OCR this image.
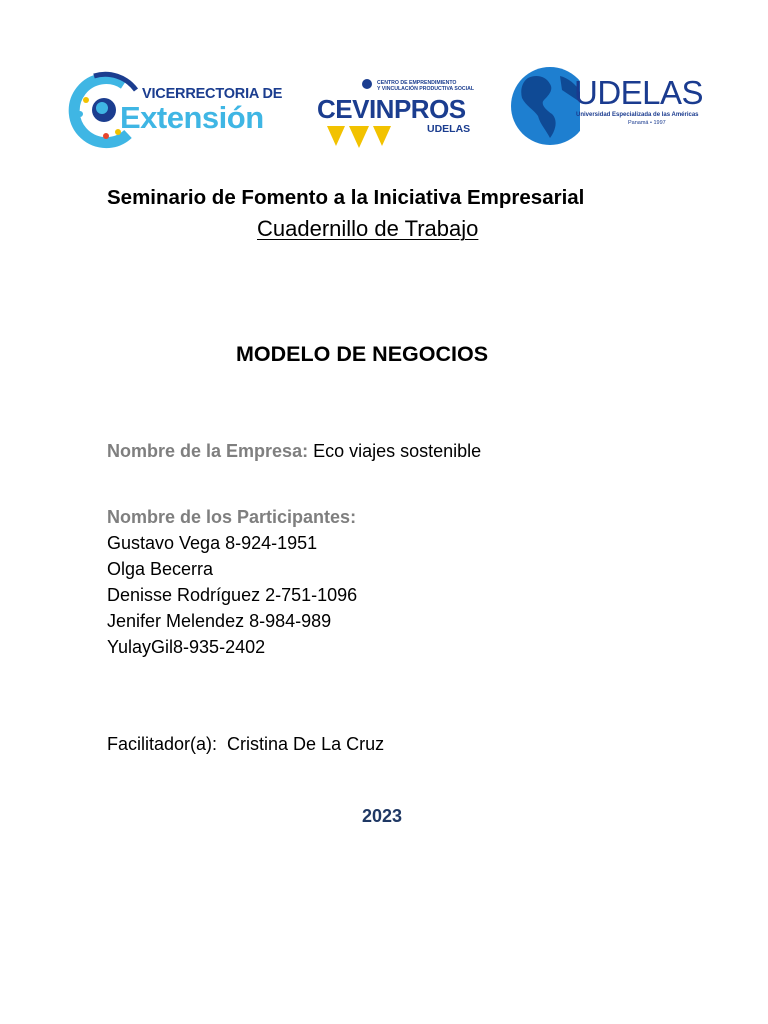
VICERRECTORIA DE
Extensión
CENTRO DE EMPRENDIMIENTO
Y VINCULACIÓN PRODUCTIVA SOCIAL
CEVINPROS
UDELAS
UDELAS
Universidad Especializada de las Américas
Panamá • 1997
Seminario de Fomento a la Iniciativa Empresarial
Cuadernillo de Trabajo
MODELO DE NEGOCIOS
Nombre de la Empresa: Eco viajes sostenible
Nombre de los Participantes:
Gustavo Vega 8-924-1951
Olga Becerra
Denisse Rodríguez 2-751-1096
Jenifer Melendez 8-984-989
YulayGil8-935-2402
Facilitador(a): Cristina De La Cruz
2023
